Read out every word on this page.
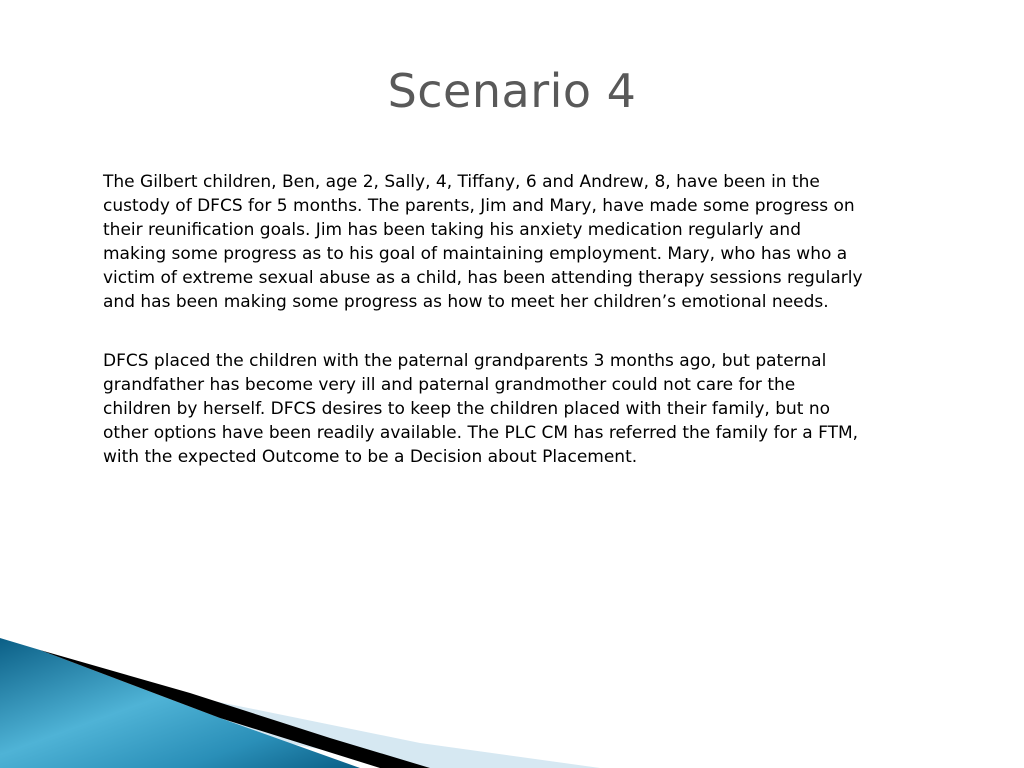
Scenario 4

The Gilbert children, Ben, age 2, Sally, 4, Tiffany, 6 and Andrew, 8, have been in the
custody of DFCS for 5 months. The parents, Jim and Mary, have made some progress on
their reunification goals. Jim has been taking his anxiety medication regularly and
making some progress as to his goal of maintaining employment. Mary, who has who a
victim of extreme sexual abuse as a child, has been attending therapy sessions regularly
and has been making some progress as how to meet her children’s emotional needs.

DFCS placed the children with the paternal grandparents 3 months ago, but paternal
grandfather has become very ill and paternal grandmother could not care for the
children by herself. DFCS desires to keep the children placed with their family, but no
other options have been readily available. The PLC CM has referred the family for a FTM,
with the expected Outcome to be a Decision about Placement.
